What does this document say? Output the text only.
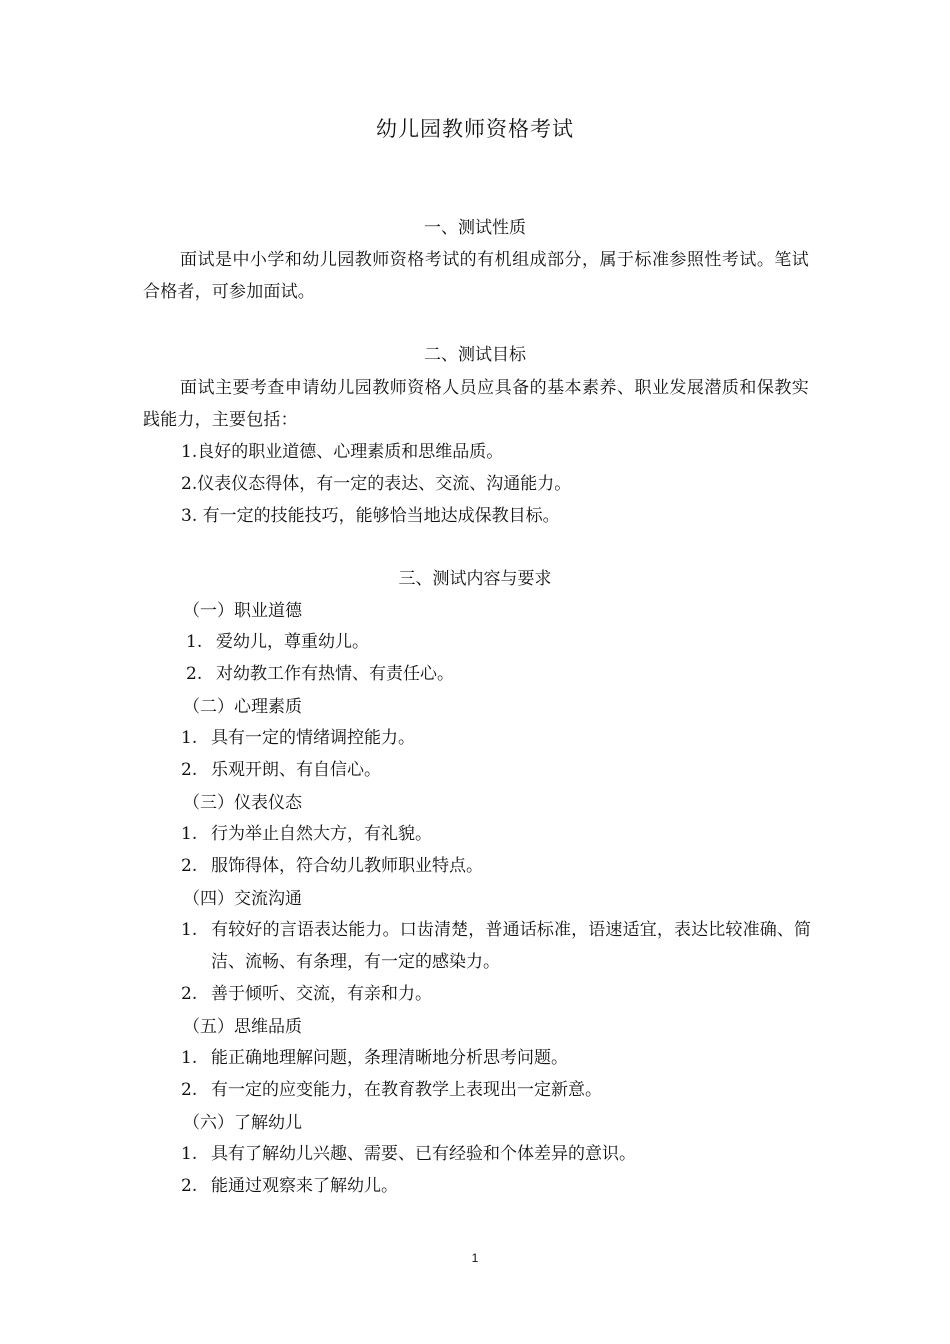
幼儿园教师资格考试
一、测试性质
面试是中小学和幼儿园教师资格考试的有机组成部分，属于标准参照性考试。笔试合格者，可参加面试。
二、测试目标
面试主要考查申请幼儿园教师资格人员应具备的基本素养、职业发展潜质和保教实践能力，主要包括：
1.良好的职业道德、心理素质和思维品质。
2.仪表仪态得体，有一定的表达、交流、沟通能力。
3. 有一定的技能技巧，能够恰当地达成保教目标。
三、测试内容与要求
（一）职业道德
1. 爱幼儿，尊重幼儿。
2. 对幼教工作有热情、有责任心。
（二）心理素质
1. 具有一定的情绪调控能力。
2. 乐观开朗、有自信心。
（三）仪表仪态
1. 行为举止自然大方，有礼貌。
2. 服饰得体，符合幼儿教师职业特点。
（四）交流沟通
1. 有较好的言语表达能力。口齿清楚，普通话标准，语速适宜，表达比较准确、简洁、流畅、有条理，有一定的感染力。
2. 善于倾听、交流，有亲和力。
（五）思维品质
1. 能正确地理解问题，条理清晰地分析思考问题。
2. 有一定的应变能力，在教育教学上表现出一定新意。
（六）了解幼儿
1. 具有了解幼儿兴趣、需要、已有经验和个体差异的意识。
2. 能通过观察来了解幼儿。
1
